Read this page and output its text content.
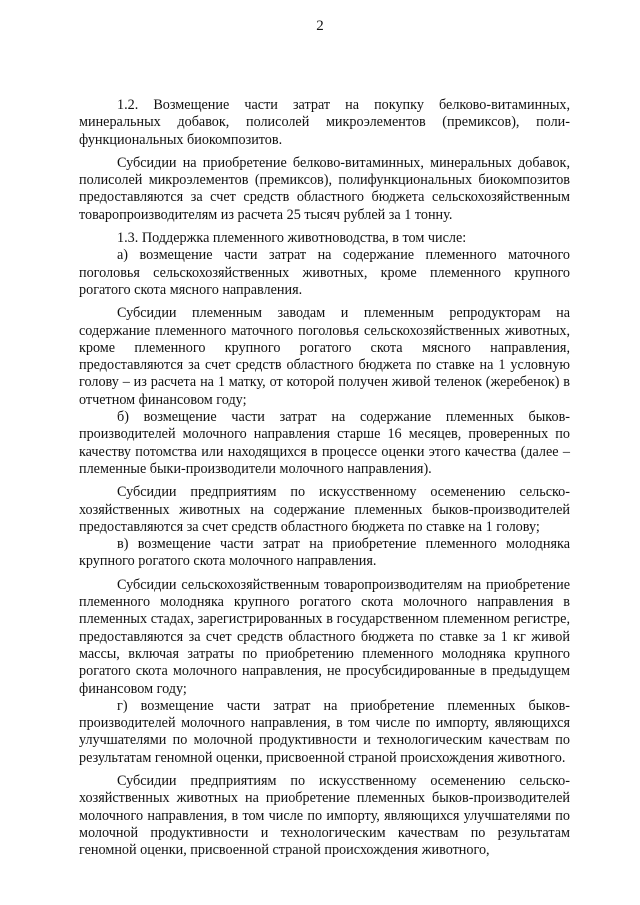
2

1.2. Возмещение части затрат на покупку белково-витаминных, минеральных добавок, полисолей микроэлементов (премиксов), поли-функциональных биокомпозитов.

Субсидии на приобретение белково-витаминных, минеральных добавок, полисолей микроэлементов (премиксов), полифункциональных биокомпозитов предоставляются за счет средств областного бюджета сельскохозяйственным товаропроизводителям из расчета 25 тысяч рублей за 1 тонну.

1.3. Поддержка племенного животноводства, в том числе:

а) возмещение части затрат на содержание племенного маточного поголовья сельскохозяйственных животных, кроме племенного крупного рогатого скота мясного направления.

Субсидии племенным заводам и племенным репродукторам на содержание племенного маточного поголовья сельскохозяйственных животных, кроме племенного крупного рогатого скота мясного направления, предоставляются за счет средств областного бюджета по ставке на 1 условную голову – из расчета на 1 матку, от которой получен живой теленок (жеребенок) в отчетном финансовом году;

б) возмещение части затрат на содержание племенных быков-производителей молочного направления старше 16 месяцев, проверенных по качеству потомства или находящихся в процессе оценки этого качества (далее – племенные быки-производители молочного направления).

Субсидии предприятиям по искусственному осеменению сельско-хозяйственных животных на содержание племенных быков-производителей предоставляются за счет средств областного бюджета по ставке на 1 голову;

в) возмещение части затрат на приобретение племенного молодняка крупного рогатого скота молочного направления.

Субсидии сельскохозяйственным товаропроизводителям на приобретение племенного молодняка крупного рогатого скота молочного направления в племенных стадах, зарегистрированных в государственном племенном регистре, предоставляются за счет средств областного бюджета по ставке за 1 кг живой массы, включая затраты по приобретению племенного молодняка крупного рогатого скота молочного направления, не просубсидированные в предыдущем финансовом году;

г) возмещение части затрат на приобретение племенных быков-производителей молочного направления, в том числе по импорту, являющихся улучшателями по молочной продуктивности и технологическим качествам по результатам геномной оценки, присвоенной страной происхождения животного.

Субсидии предприятиям по искусственному осеменению сельско-хозяйственных животных на приобретение племенных быков-производителей молочного направления, в том числе по импорту, являющихся улучшателями по молочной продуктивности и технологическим качествам по результатам геномной оценки, присвоенной страной происхождения животного,
